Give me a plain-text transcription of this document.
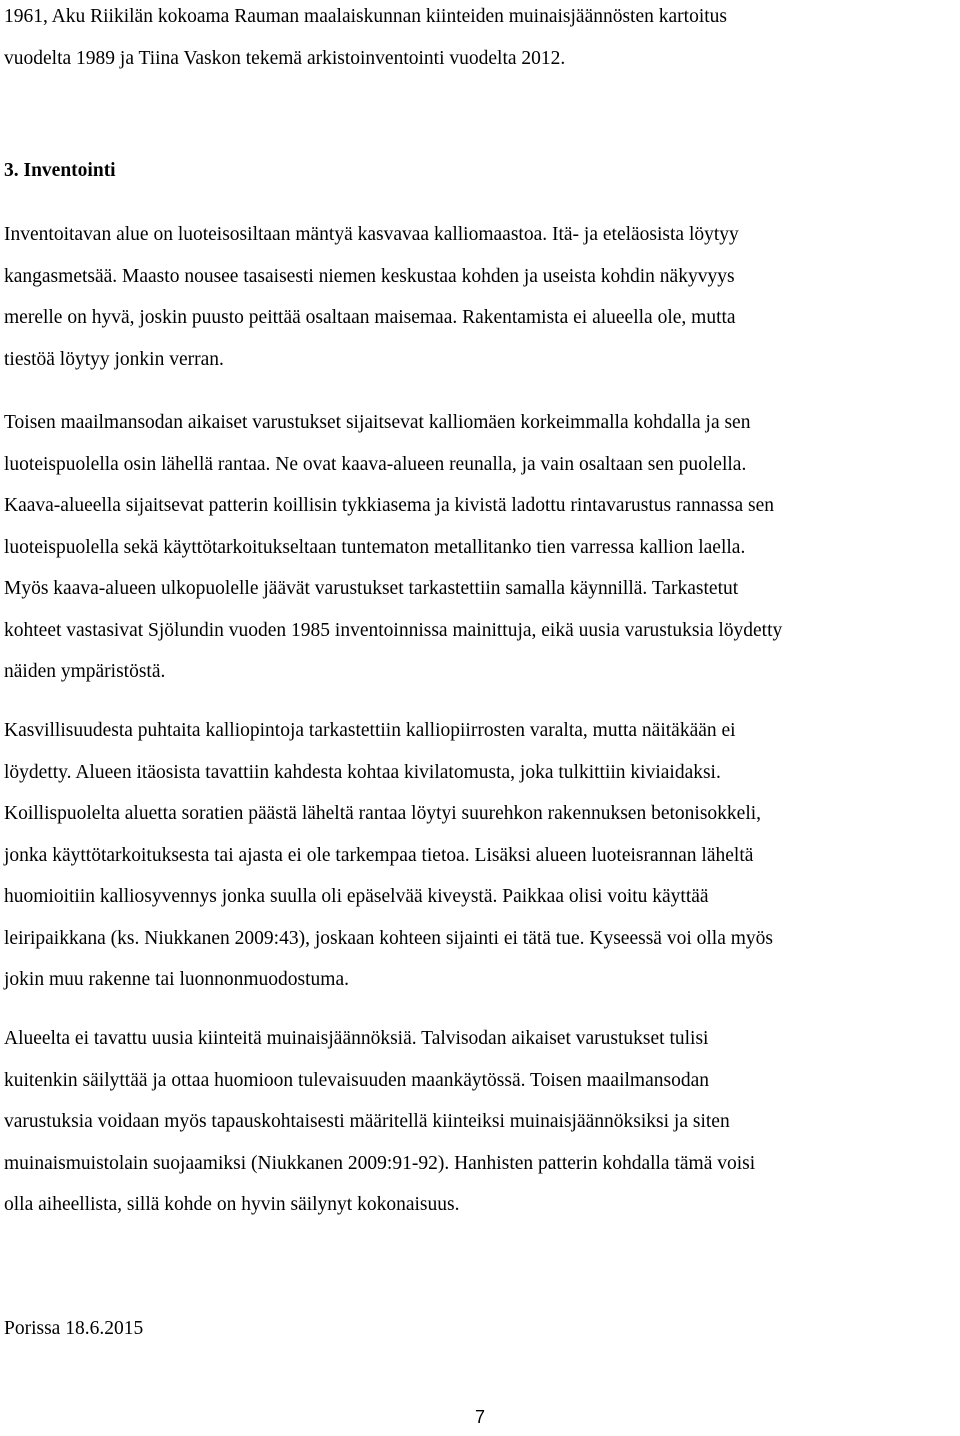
1961, Aku Riikilän kokoama Rauman maalaiskunnan kiinteiden muinaisjäännösten kartoitus
vuodelta 1989 ja Tiina Vaskon tekemä arkistoinventointi vuodelta 2012.
3. Inventointi
Inventoitavan alue on luoteisosiltaan mäntyä kasvavaa kalliomaastoa. Itä- ja eteläosista löytyy
kangasmetsää. Maasto nousee tasaisesti niemen keskustaa kohden ja useista kohdin näkyvyys
merelle on hyvä, joskin puusto peittää osaltaan maisemaa. Rakentamista ei alueella ole, mutta
tiestöä löytyy jonkin verran.
Toisen maailmansodan aikaiset varustukset sijaitsevat kalliomäen korkeimmalla kohdalla ja sen
luoteispuolella osin lähellä rantaa. Ne ovat kaava-alueen reunalla, ja vain osaltaan sen puolella.
Kaava-alueella sijaitsevat patterin koillisin tykkiasema ja kivistä ladottu rintavarustus rannassa sen
luoteispuolella sekä käyttötarkoitukseltaan tuntematon metallitanko tien varressa kallion laella.
Myös kaava-alueen ulkopuolelle jäävät varustukset tarkastettiin samalla käynnillä. Tarkastetut
kohteet vastasivat Sjölundin vuoden 1985 inventoinnissa mainittuja, eikä uusia varustuksia löydetty
näiden ympäristöstä.
Kasvillisuudesta puhtaita kalliopintoja tarkastettiin kalliopiirrosten varalta, mutta näitäkään ei
löydetty. Alueen itäosista tavattiin kahdesta kohtaa kivilatomusta, joka tulkittiin kiviaidaksi.
Koillispuolelta aluetta soratien päästä läheltä rantaa löytyi suurehkon rakennuksen betonisokkeli,
jonka käyttötarkoituksesta tai ajasta ei ole tarkempaa tietoa. Lisäksi alueen luoteisrannan läheltä
huomioitiin kalliosyvennys jonka suulla oli epäselvää kiveystä. Paikkaa olisi voitu käyttää
leiripaikkana (ks. Niukkanen 2009:43), joskaan kohteen sijainti ei tätä tue. Kyseessä voi olla myös
jokin muu rakenne tai luonnonmuodostuma.
Alueelta ei tavattu uusia kiinteitä muinaisjäännöksiä. Talvisodan aikaiset varustukset tulisi
kuitenkin säilyttää ja ottaa huomioon tulevaisuuden maankäytössä. Toisen maailmansodan
varustuksia voidaan myös tapauskohtaisesti määritellä kiinteiksi muinaisjäännöksiksi ja siten
muinaismuistolain suojaamiksi (Niukkanen 2009:91-92). Hanhisten patterin kohdalla tämä voisi
olla aiheellista, sillä kohde on hyvin säilynyt kokonaisuus.

Porissa 18.6.2015

7
